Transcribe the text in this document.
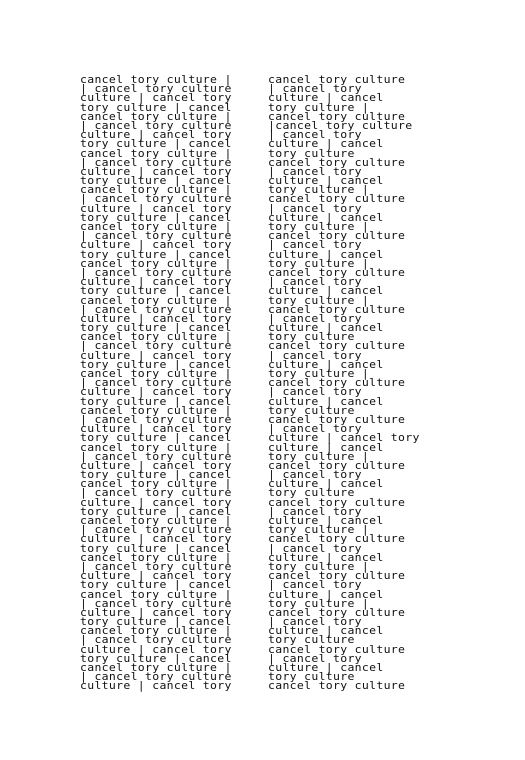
cancel tory culture |	cancel tory culture
| cancel tory culture	| cancel tory
culture | cancel tory	culture | cancel
tory culture | cancel	tory culture |
cancel tory culture |	cancel tory culture
| cancel tory culture	|cancel tory culture
culture | cancel tory	| cancel tory
tory culture | cancel	culture | cancel
cancel tory culture |	tory culture
| cancel tory culture	cancel tory culture
culture | cancel tory	| cancel tory
tory culture | cancel	culture | cancel
cancel tory culture |	tory culture |
| cancel tory culture	cancel tory culture
culture | cancel tory	| cancel tory
tory culture | cancel	culture | cancel
cancel tory culture |	tory culture |
| cancel tory culture	cancel tory culture
culture | cancel tory	| cancel tory
tory culture | cancel	culture | cancel
cancel tory culture |	tory culture |
| cancel tory culture	cancel tory culture
culture | cancel tory	| cancel tory
tory culture | cancel	culture | cancel
cancel tory culture |	tory culture |
| cancel tory culture	cancel tory culture
culture | cancel tory	| cancel tory
tory culture | cancel	culture | cancel
cancel tory culture |	tory culture
| cancel tory culture	cancel tory culture
culture | cancel tory	| cancel tory
tory culture | cancel	culture | cancel
cancel tory culture |	tory culture |
| cancel tory culture	cancel tory culture
culture | cancel tory	| cancel tory
tory culture | cancel	culture | cancel
cancel tory culture |	tory culture
| cancel tory culture	cancel tory culture
culture | cancel tory	| cancel tory
tory culture | cancel	culture | cancel tory
cancel tory culture |	culture | cancel
| cancel tory culture	tory culture |
culture | cancel tory	cancel tory culture
tory culture | cancel	| cancel tory
cancel tory culture |	culture | cancel
| cancel tory culture	tory culture
culture | cancel tory	cancel tory culture
tory culture | cancel	| cancel tory
cancel tory culture |	culture | cancel
| cancel tory culture	tory culture |
culture | cancel tory	cancel tory culture
tory culture | cancel	| cancel tory
cancel tory culture |	culture | cancel
| cancel tory culture	tory culture |
culture | cancel tory	cancel tory culture
tory culture | cancel	| cancel tory
cancel tory culture |	culture | cancel
| cancel tory culture	tory culture |
culture | cancel tory	cancel tory culture
tory culture | cancel	| cancel tory
cancel tory culture |	culture | cancel
| cancel tory culture	tory culture
culture | cancel tory	cancel tory culture
tory culture | cancel	| cancel tory
cancel tory culture |	culture | cancel
| cancel tory culture	tory culture
culture | cancel tory	cancel tory culture
